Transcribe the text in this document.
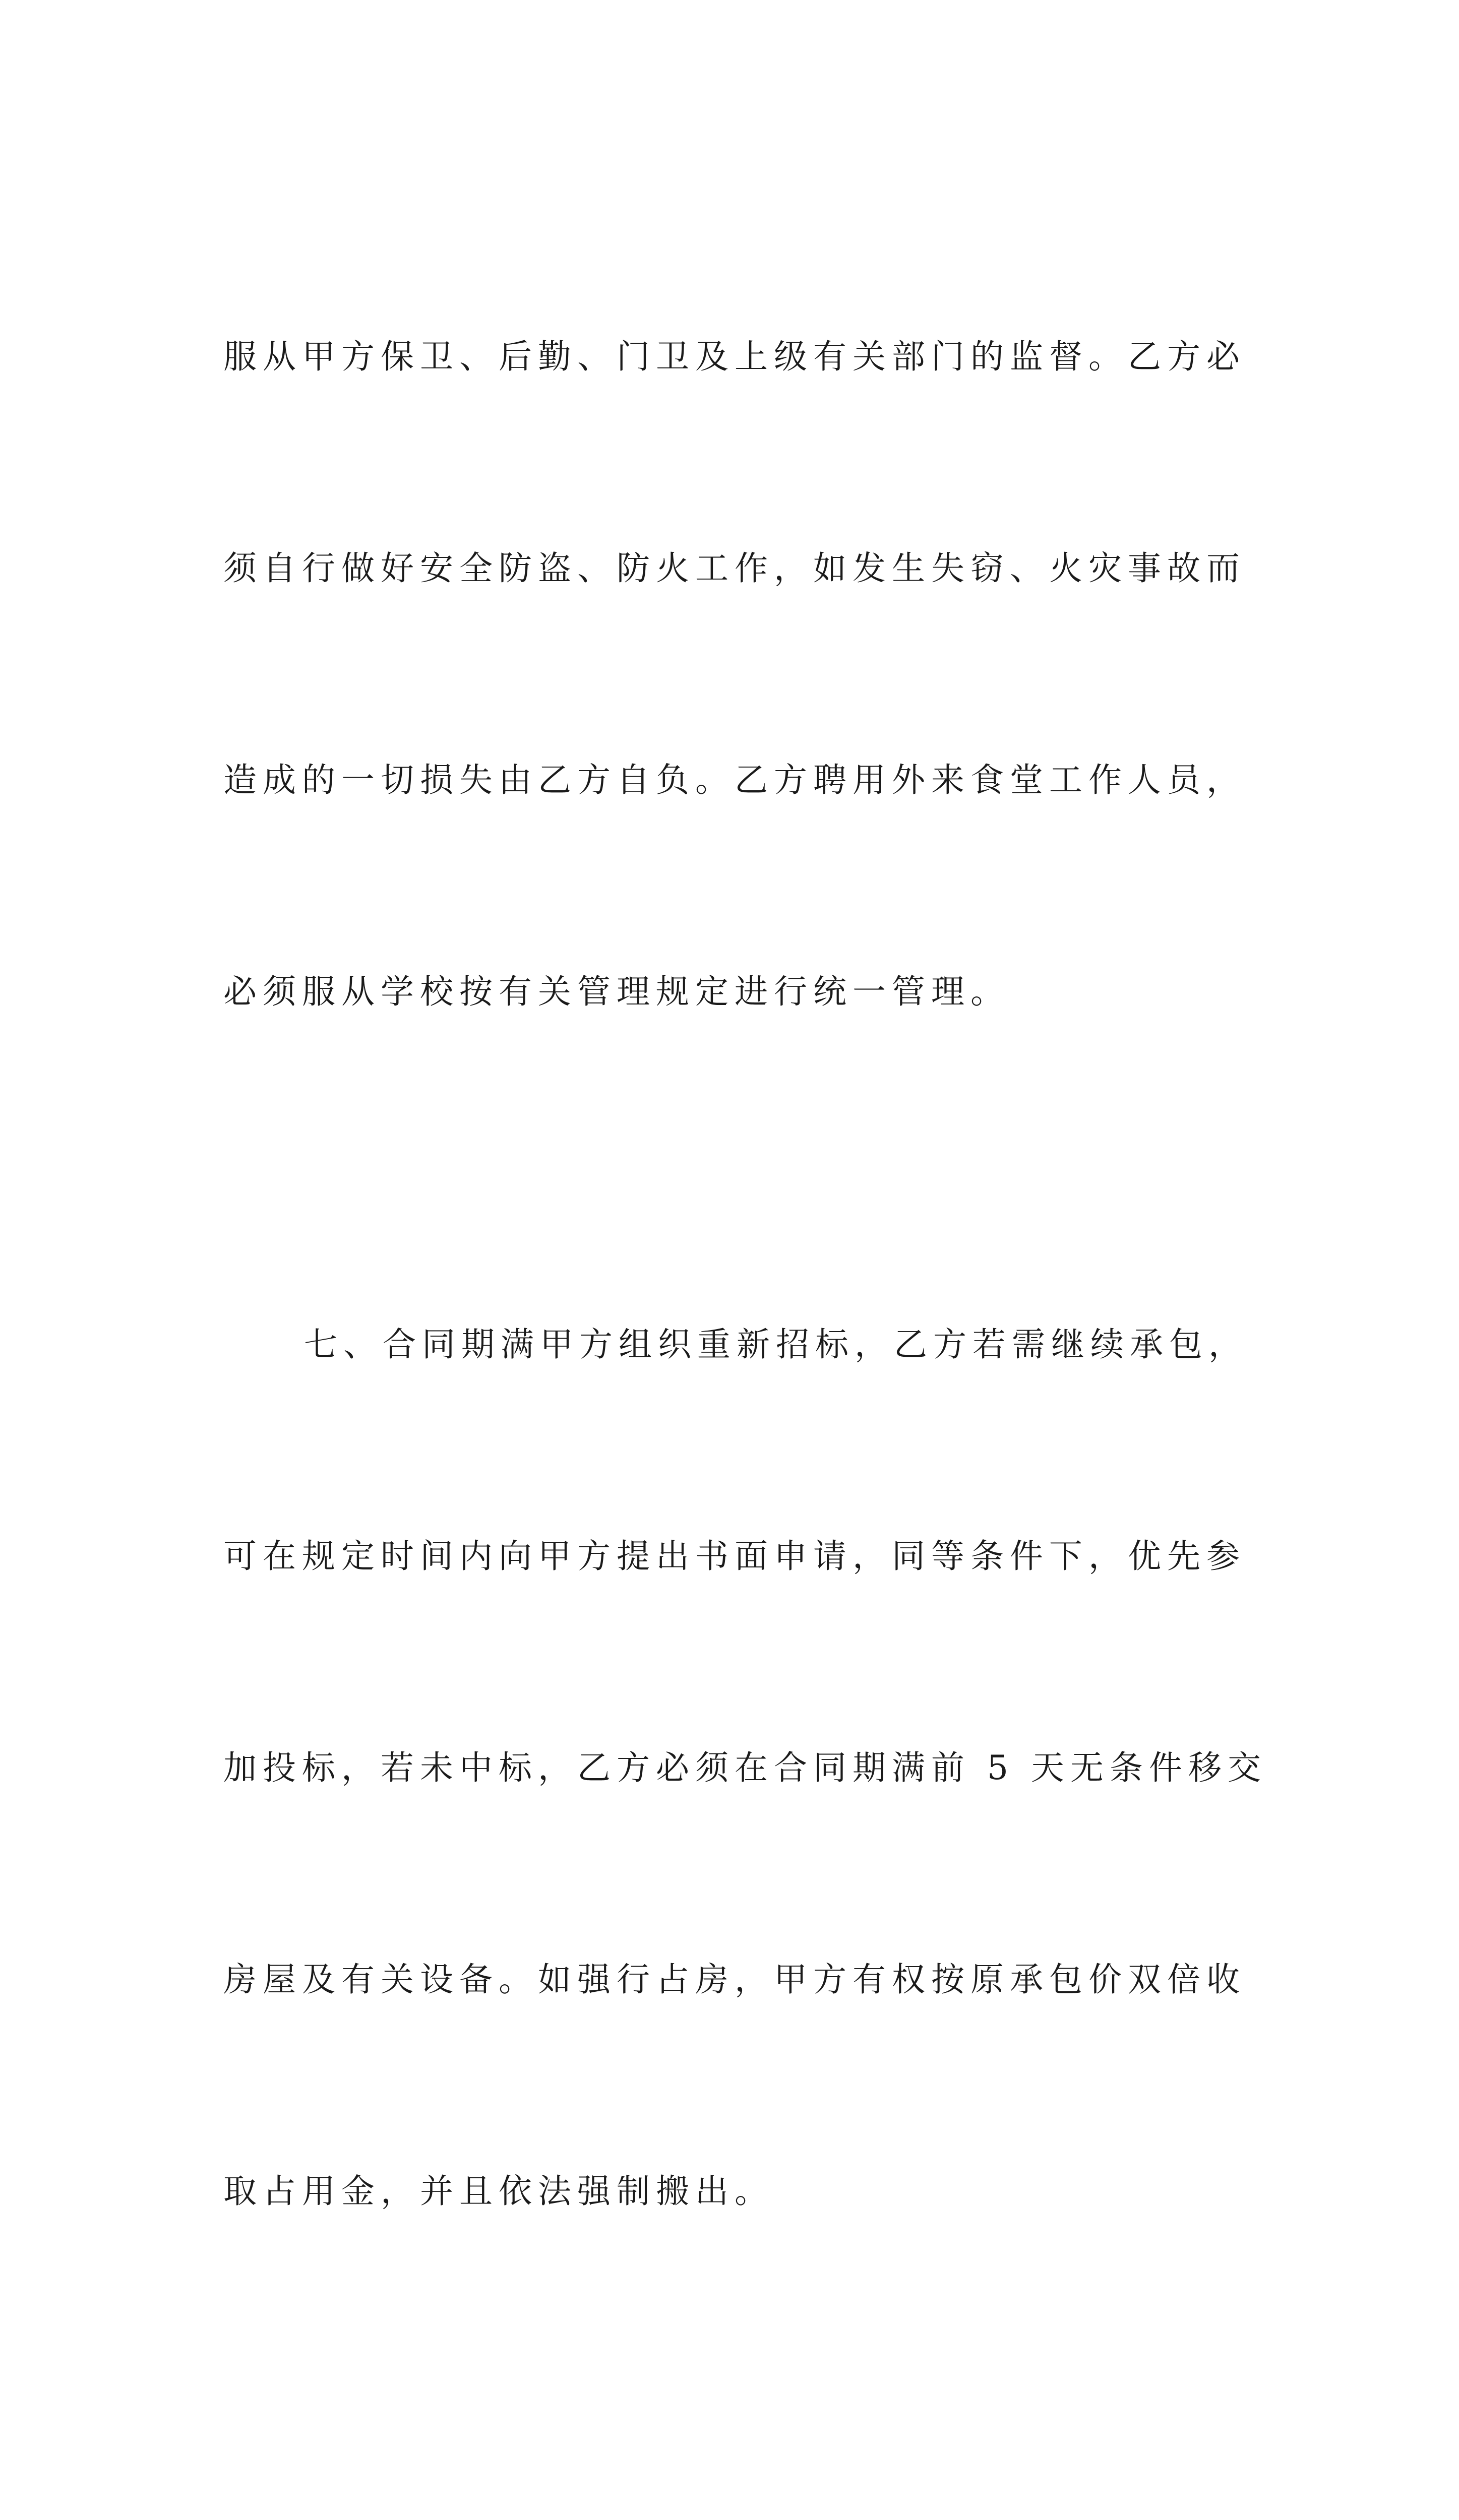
服从甲方保卫、后勤、门卫及上级有关部门的监督。乙方必

须自行做好安全防盗、防火工作，如发生失窃、火灾事故而

造成的一切损失由乙方自负。乙方聘用外来食堂工作人员，

必须服从学校按有关管理规定进行统一管理。

七、合同期满甲方组织重新招标，乙方若需继续承包，

可在规定时间内向甲方提出书面申请，同等条件下，优先参

加投标，若未中标，乙方必须在合同期满前 5 天无条件移交

房屋及有关设备。如强行占房，甲方有权按原承包价双倍收

取占用金，并且依法强制搬出。
